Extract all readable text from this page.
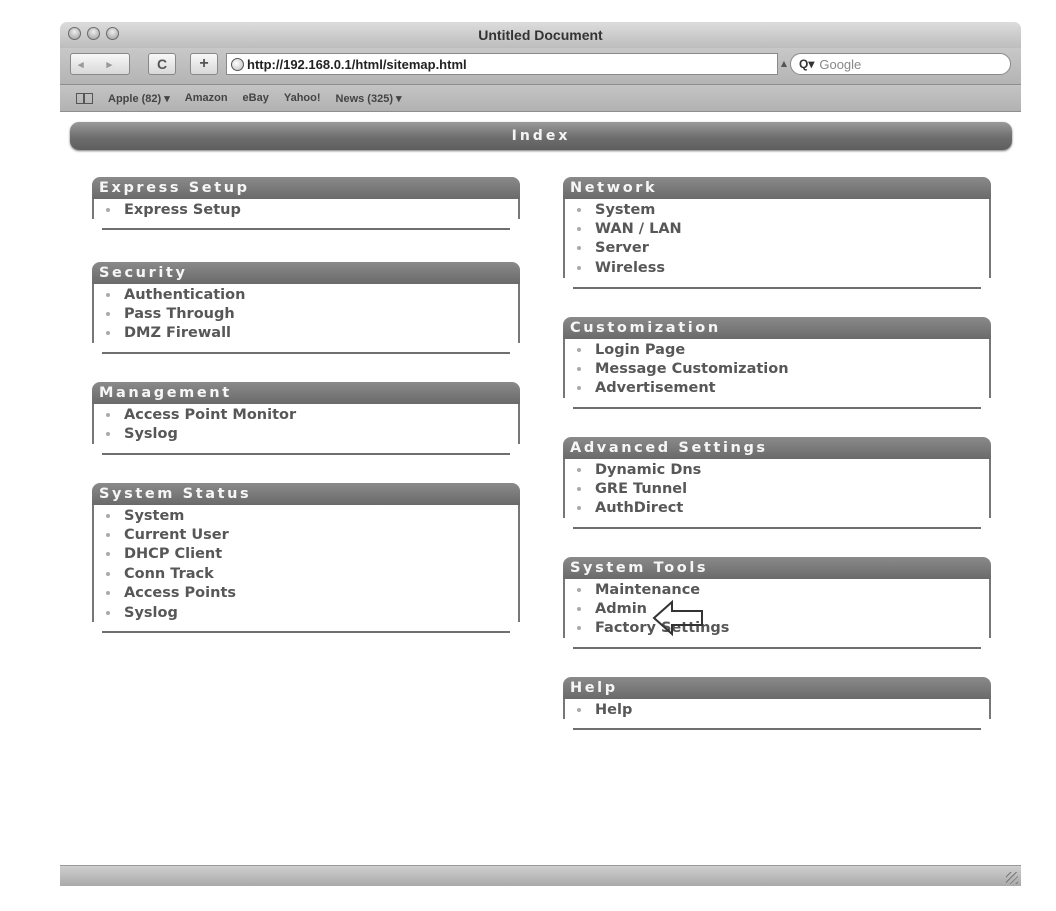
Untitled Document
◂ ▸	C	+	http://192.168.0.1/html/sitemap.html	▲ Q▾
Google
Apple (82) ▾ Amazon eBay Yahoo! News (325) ▾
Index
Express Setup
Express Setup
Security
Authentication
Pass Through
DMZ Firewall
Management
Access Point Monitor
Syslog
System Status
System
Current User
DHCP Client
Conn Track
Access Points
Syslog
Network
System
WAN / LAN
Server
Wireless
Customization
Login Page
Message Customization
Advertisement
Advanced Settings
Dynamic Dns
GRE Tunnel
AuthDirect
System Tools
Maintenance
Admin
Factory Settings
Help
Help
